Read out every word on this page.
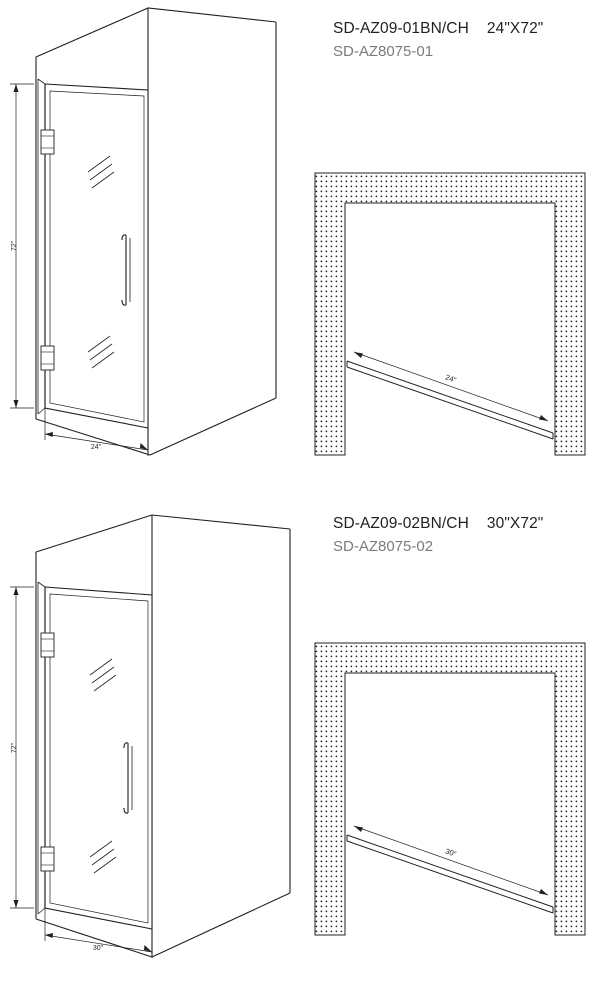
SD-AZ09-01BN/CH 24"X72"
SD-AZ8075-01
72"
24"
24"
SD-AZ09-02BN/CH 30"X72"
SD-AZ8075-02
72"
30"
30"
